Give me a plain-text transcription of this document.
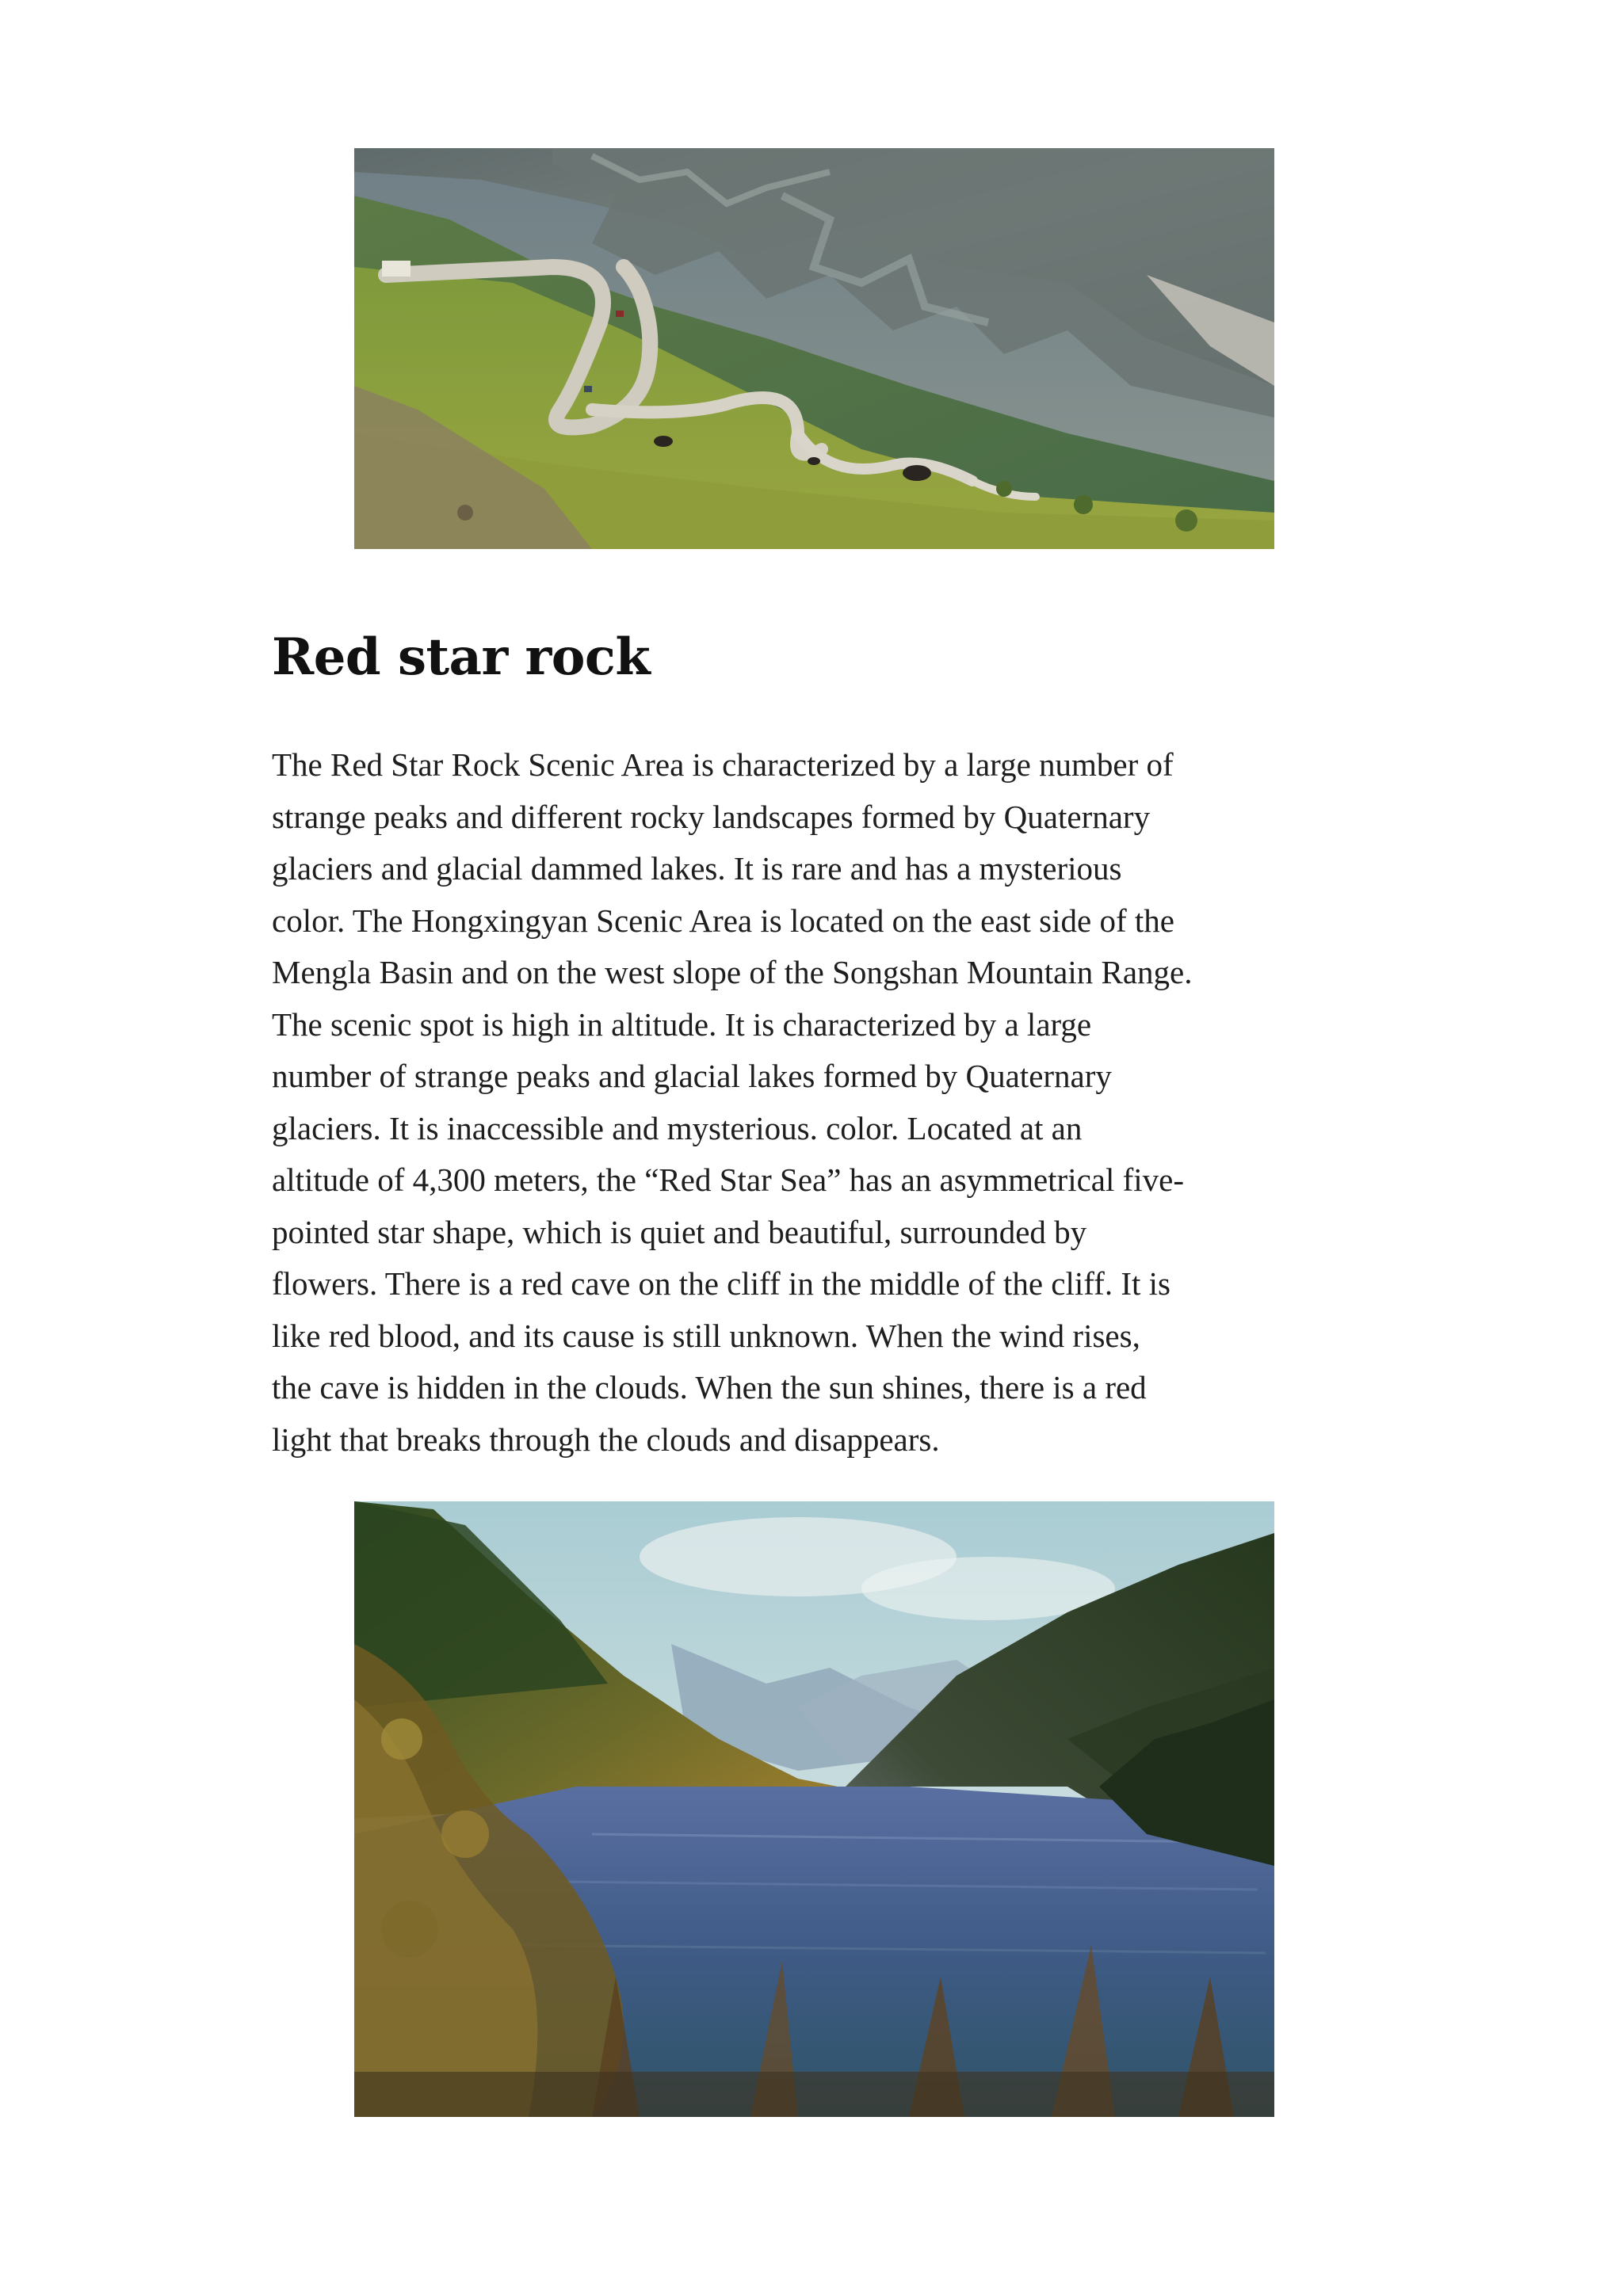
Red star rock

The Red Star Rock Scenic Area is characterized by a large number of
strange peaks and different rocky landscapes formed by Quaternary
glaciers and glacial dammed lakes. It is rare and has a mysterious
color. The Hongxingyan Scenic Area is located on the east side of the
Mengla Basin and on the west slope of the Songshan Mountain Range.
The scenic spot is high in altitude. It is characterized by a large
number of strange peaks and glacial lakes formed by Quaternary
glaciers. It is inaccessible and mysterious. color. Located at an
altitude of 4,300 meters, the “Red Star Sea” has an asymmetrical five-
pointed star shape, which is quiet and beautiful, surrounded by
flowers. There is a red cave on the cliff in the middle of the cliff. It is
like red blood, and its cause is still unknown. When the wind rises,
the cave is hidden in the clouds. When the sun shines, there is a red
light that breaks through the clouds and disappears.
